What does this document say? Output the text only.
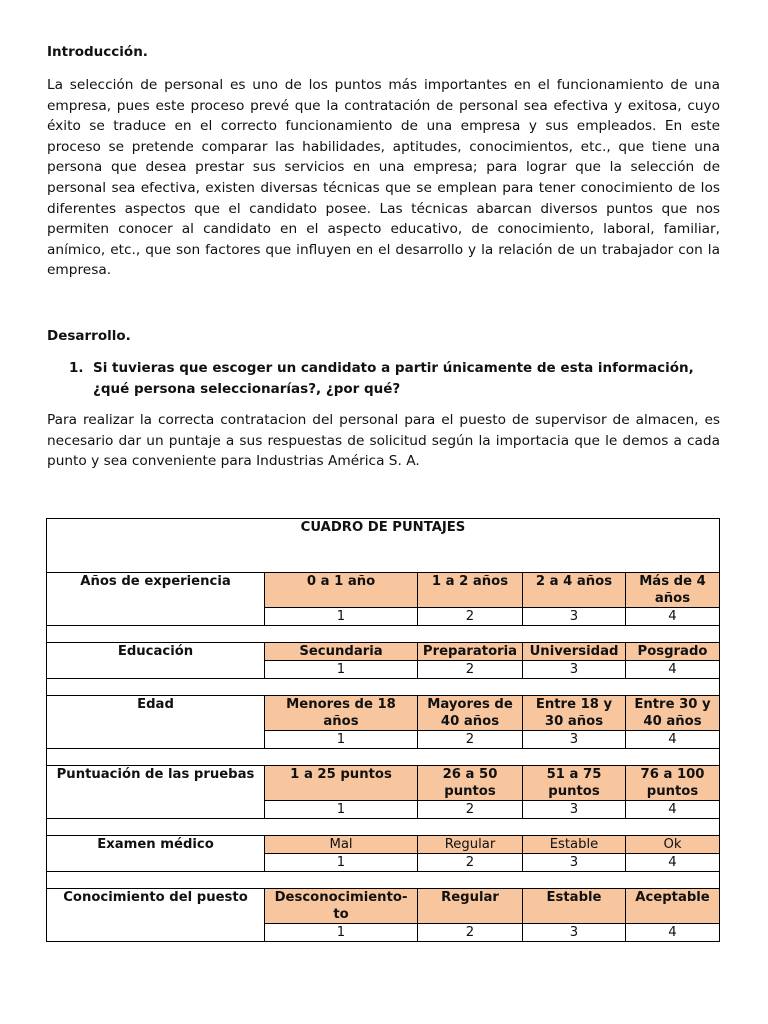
Introducción.

La selección de personal es uno de los puntos más importantes en el funcionamiento de una empresa, pues este proceso prevé que la contratación de personal sea efectiva y exitosa, cuyo éxito se traduce en el correcto funcionamiento de una empresa y sus empleados. En este proceso se pretende comparar las habilidades, aptitudes, conocimientos, etc., que tiene una persona que desea prestar sus servicios en una empresa; para lograr que la selección de personal sea efectiva, existen diversas técnicas que se emplean para tener conocimiento de los diferentes aspectos que el candidato posee. Las técnicas abarcan diversos puntos que nos permiten conocer al candidato en el aspecto educativo, de conocimiento, laboral, familiar, anímico, etc., que son factores que influyen en el desarrollo y la relación de un trabajador con la empresa.

Desarrollo.
1. Si tuvieras que escoger un candidato a partir únicamente de esta información, ¿qué persona seleccionarías?, ¿por qué?

Para realizar la correcta contratacion del personal para el puesto de supervisor de almacen, es necesario dar un puntaje a sus respuestas de solicitud según la importacia que le demos a cada punto y sea conveniente para Industrias América S. A.

CUADRO DE PUNTAJES				
Años de experiencia	0 a 1 año	1 a 2 años	2 a 4 años	Más de 4 años
	1	2	3	4

Educación	Secundaria	Preparatoria	Universidad	Posgrado
	1	2	3	4

Edad	Menores de 18 años	Mayores de 40 años	Entre 18 y 30 años	Entre 30 y 40 años
	1	2	3	4

Puntuación de las pruebas	1 a 25 puntos	26 a 50 puntos	51 a 75 puntos	76 a 100 puntos
	1	2	3	4

Examen médico	Mal	Regular	Estable	Ok
	1	2	3	4

Conocimiento del puesto	Desconocimiento-to	Regular	Estable	Aceptable
	1	2	3	4
